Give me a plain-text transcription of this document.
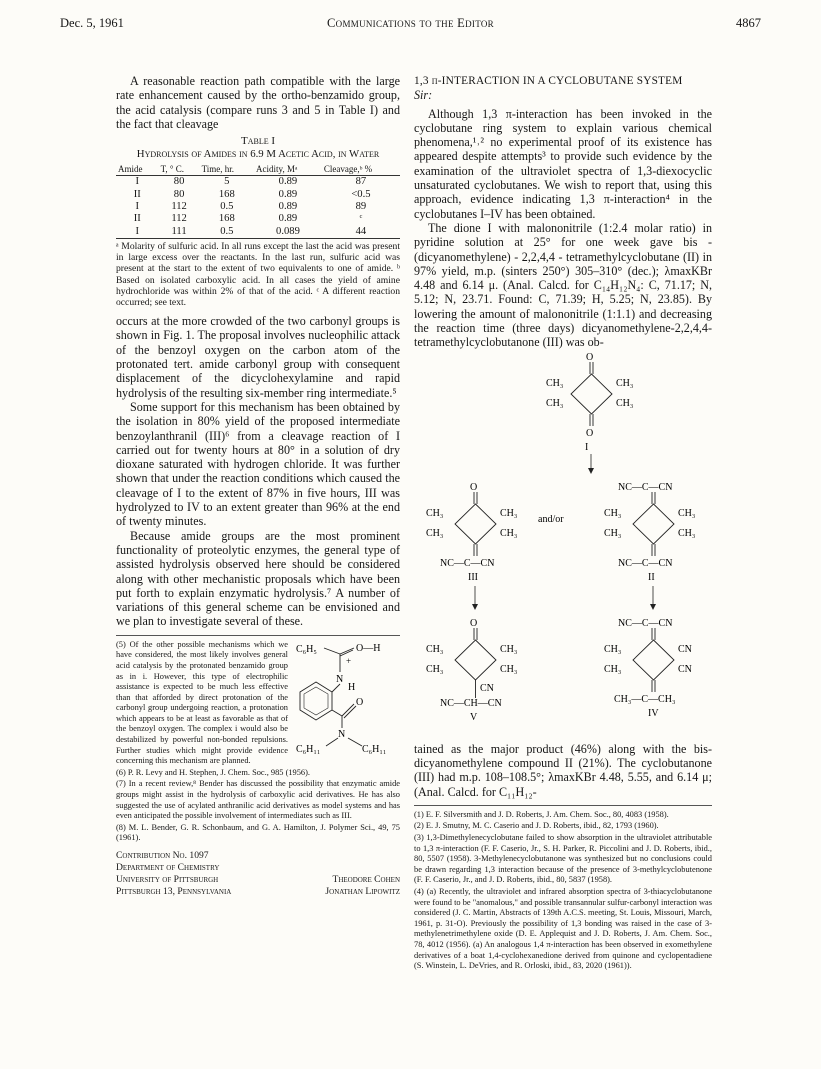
Dec. 5, 1961	Communications to the Editor	4867

A reasonable reaction path compatible with the large rate enhancement caused by the ortho-benzamido group, the acid catalysis (compare runs 3 and 5 in Table I) and the fact that cleavage

Table I
Hydrolysis of Amides in 6.9 M Acetic Acid, in Water
Amide	T, ° C.	Time, hr.	Acidity, Mᵃ	Cleavage,ᵇ %
I	80	5	0.89	87
II	80	168	0.89	<0.5
I	112	0.5	0.89	89
II	112	168	0.89	ᶜ
I	111	0.5	0.089	44

ᵃ Molarity of sulfuric acid. In all runs except the last the acid was present in large excess over the reactants. In the last run, sulfuric acid was present at the start to the extent of two equivalents to one of amide. ᵇ Based on isolated carboxylic acid. In all cases the yield of amine hydrochloride was within 2% of that of the acid. ᶜ A different reaction occurred; see text.

occurs at the more crowded of the two carbonyl groups is shown in Fig. 1. The proposal involves nucleophilic attack of the benzoyl oxygen on the carbon atom of the protonated tert. amide carbonyl group with consequent displacement of the dicyclohexylamine and rapid hydrolysis of the resulting six-member ring intermediate.⁵

Some support for this mechanism has been obtained by the isolation in 80% yield of the proposed intermediate benzoylanthranil (III)⁶ from a cleavage reaction of I carried out for twenty hours at 80° in a solution of dry dioxane saturated with hydrogen chloride. It was further shown that under the reaction conditions which caused the cleavage of I to the extent of 87% in five hours, III was hydrolyzed to IV to an extent greater than 96% at the end of twenty minutes.

Because amide groups are the most prominent functionality of proteolytic enzymes, the general type of assisted hydrolysis observed here should be considered along with other mechanistic proposals which have been put forth to explain enzymatic hydrolysis.⁷ A number of variations of this general scheme can be envisioned and we plan to investigate several of these.

(5) Of the other possible mechanisms which we have considered, the most likely involves general acid catalysis by the protonated benzamido group as in i. However, this type of electrophilic assistance is expected to be much less effective than that afforded by direct protonation of the carbonyl group undergoing reaction, a protonation which appears to be at least as favorable as that of the benzoyl oxygen. The complex i would also be destabilized by powerful non-bonded repulsions. Further studies which might provide evidence concerning this mechanism are planned.

C₆H₅	O—H
+
N
H
O
N
C₆H₁₁	C₆H₁₁

(6) P. R. Levy and H. Stephen, J. Chem. Soc., 985 (1956).

(7) In a recent review,⁸ Bender has discussed the possibility that enzymatic amide groups might assist in the hydrolysis of carboxylic acid derivatives. He has also suggested the use of acylated anthranilic acid derivatives as model systems and has even anticipated the possible involvement of intermediates such as III.

(8) M. L. Bender, G. R. Schonbaum, and G. A. Hamilton, J. Polymer Sci., 49, 75 (1961).

Contribution No. 1097
Department of Chemistry
University of Pittsburgh
Pittsburgh 13, Pennsylvania
Theodore Cohen
Jonathan Lipowitz
1,3 π-INTERACTION IN A CYCLOBUTANE SYSTEM
Sir:

Although 1,3 π-interaction has been invoked in the cyclobutane ring system to explain various chemical phenomena,¹˒² no experimental proof of its existence has appeared despite attempts³ to provide such evidence by the examination of the ultraviolet spectra of 1,3-diexocyclic unsaturated cyclobutanes. We wish to report that, using this approach, evidence indicating 1,3 π-interaction⁴ in the cyclobutanes I–IV has been obtained.

The dione I with malononitrile (1:2.4 molar ratio) in pyridine solution at 25° for one week gave bis - (dicyanomethylene) - 2,2,4,4 - tetramethylcyclobutane (II) in 97% yield, m.p. (sinters 250°) 305–310° (dec.); λmaxKBr 4.48 and 6.14 μ. (Anal. Calcd. for C₁₄H₁₂N₄: C, 71.17; N, 5.12; N, 23.71. Found: C, 71.39; H, 5.25; N, 23.85). By lowering the amount of malononitrile (1:1.1) and decreasing the reaction time (three days) dicyanomethylene-2,2,4,4-tetramethylcyclobutanone (III) was ob-

O
O
I
CH₃
CH₃
CH₃
CH₃
O
NC—C—CN
III
CH₃
CH₃
CH₃
CH₃
and/or
NC—C—CN
NC—C—CN
II
CH₃
CH₃
CH₃
CH₃
O
CN
NC—CH—CN
V
CH₃
CH₃
CH₃
CH₃
NC—C—CN
CH₃—C—CH₃
IV
CH₃
CH₃
CN
CN

tained as the major product (46%) along with the bis-dicyanomethylene compound II (21%). The cyclobutanone (III) had m.p. 108–108.5°; λmaxKBr 4.48, 5.55, and 6.14 μ; (Anal. Calcd. for C₁₁H₁₂-

(1) E. F. Silversmith and J. D. Roberts, J. Am. Chem. Soc., 80, 4083 (1958).

(2) E. J. Smutny, M. C. Caserio and J. D. Roberts, ibid., 82, 1793 (1960).

(3) 1,3-Dimethylenecyclobutane failed to show absorption in the ultraviolet attributable to 1,3 π-interaction (F. F. Caserio, Jr., S. H. Parker, R. Piccolini and J. D. Roberts, ibid., 80, 5507 (1958). 3-Methylenecyclobutanone was synthesized but no conclusions could be drawn regarding 1,3 interaction because of the presence of 3-methylcyclobutenone (F. F. Caserio, Jr., and J. D. Roberts, ibid., 80, 5837 (1958).

(4) (a) Recently, the ultraviolet and infrared absorption spectra of 3-thiacyclobutanone were found to be "anomalous," and possible transannular sulfur-carbonyl interaction was considered (J. C. Martin, Abstracts of 139th A.C.S. meeting, St. Louis, Missouri, March, 1961, p. 31-O). Previously the possibility of 1,3 bonding was raised in the case of 3-methylenetrimethylene oxide (D. E. Applequist and J. D. Roberts, J. Am. Chem. Soc., 78, 4012 (1956). (a) An analogous 1,4 π-interaction has been observed in exomethylene derivatives of a boat 1,4-cyclohexanedione derived from quinone and cyclopentadiene (S. Winstein, L. DeVries, and R. Orloski, ibid., 83, 2020 (1961)).
